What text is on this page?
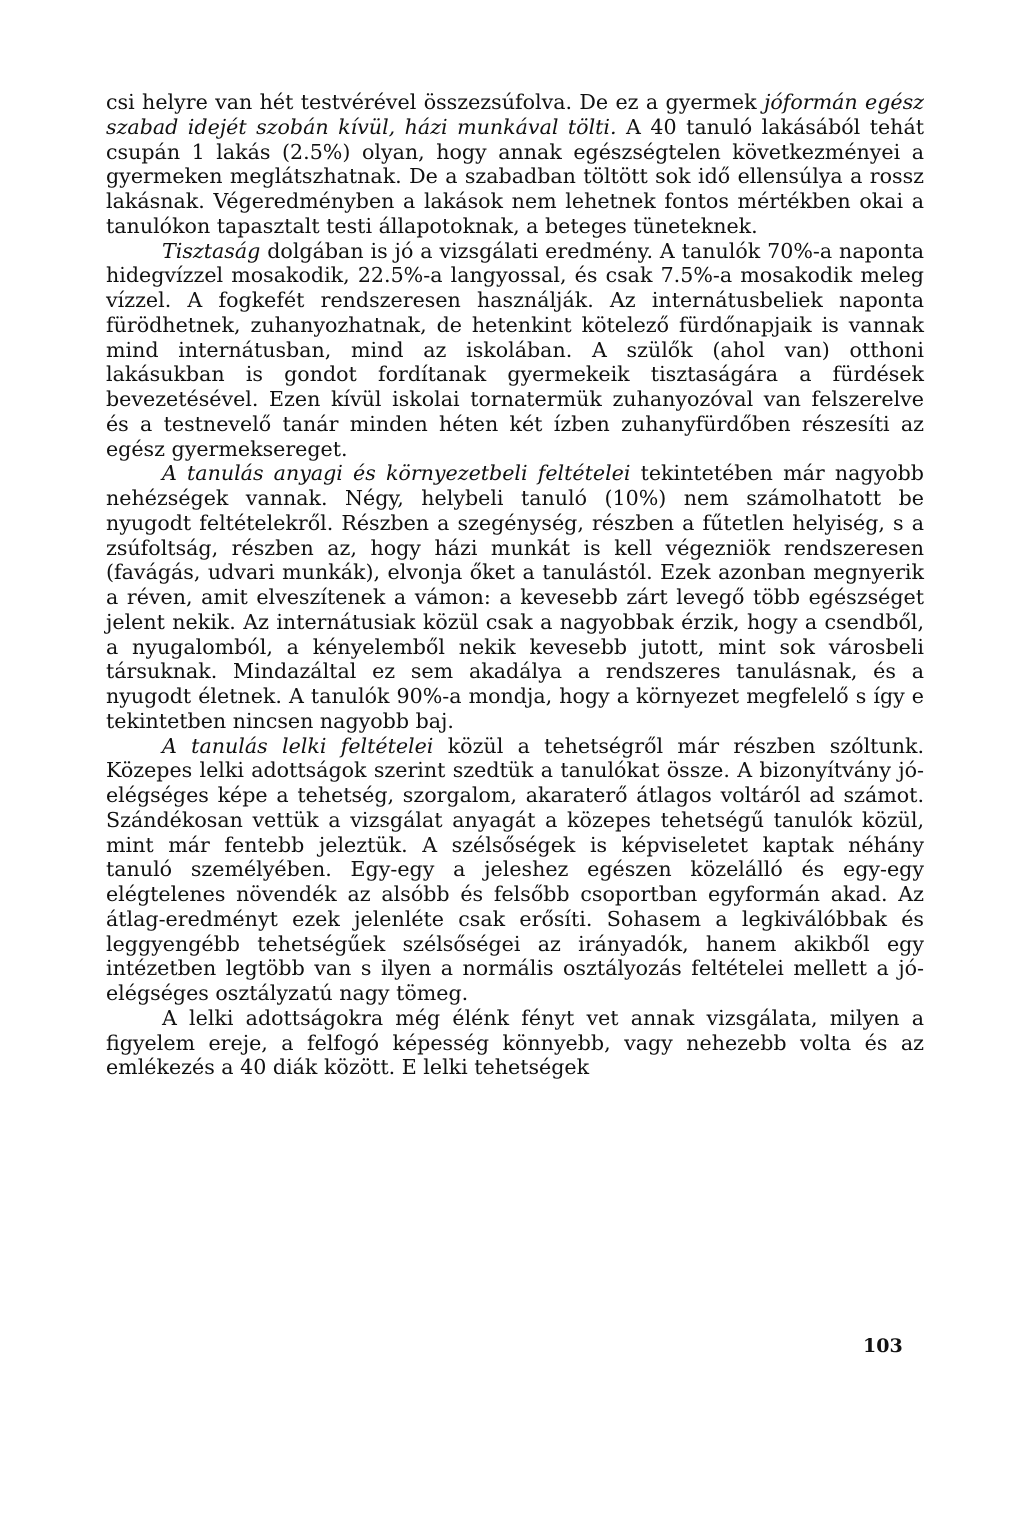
csi helyre van hét testvérével összezsúfolva. De ez a gyermek jóformán egész szabad idejét szobán kívül, házi munkával tölti. A 40 tanuló lakásából tehát csupán 1 lakás (2.5%) olyan, hogy annak egészségtelen következményei a gyermeken meglátszhatnak. De a szabadban töltött sok idő ellensúlya a rossz lakásnak. Végeredményben a lakások nem lehetnek fontos mértékben okai a tanulókon tapasztalt testi állapotoknak, a beteges tüneteknek.

Tisztaság dolgában is jó a vizsgálati eredmény. A tanulók 70%-a naponta hidegvízzel mosakodik, 22.5%-a langyossal, és csak 7.5%-a mosakodik meleg vízzel. A fogkefét rendszeresen használják. Az internátusbeliek naponta fürödhetnek, zuhanyozhatnak, de hetenkint kötelező fürdőnapjaik is vannak mind internátusban, mind az iskolában. A szülők (ahol van) otthoni lakásukban is gondot fordítanak gyermekeik tisztaságára a fürdések bevezetésével. Ezen kívül iskolai tornatermük zuhanyozóval van felszerelve és a testnevelő tanár minden héten két ízben zuhanyfürdőben részesíti az egész gyermeksereget.

A tanulás anyagi és környezetbeli feltételei tekintetében már nagyobb nehézségek vannak. Négy, helybeli tanuló (10%) nem számolhatott be nyugodt feltételekről. Részben a szegénység, részben a fűtetlen helyiség, s a zsúfoltság, részben az, hogy házi munkát is kell végezniök rendszeresen (favágás, udvari munkák), elvonja őket a tanulástól. Ezek azonban megnyerik a réven, amit elveszítenek a vámon: a kevesebb zárt levegő több egészséget jelent nekik. Az internátusiak közül csak a nagyobbak érzik, hogy a csendből, a nyugalomból, a kényelemből nekik kevesebb jutott, mint sok városbeli társuknak. Mindazáltal ez sem akadálya a rendszeres tanulásnak, és a nyugodt életnek. A tanulók 90%-a mondja, hogy a környezet megfelelő s így e tekintetben nincsen nagyobb baj.

A tanulás lelki feltételei közül a tehetségről már részben szóltunk. Közepes lelki adottságok szerint szedtük a tanulókat össze. A bizonyítvány jó-elégséges képe a tehetség, szorgalom, akaraterő átlagos voltáról ad számot. Szándékosan vettük a vizsgálat anyagát a közepes tehetségű tanulók közül, mint már fentebb jeleztük. A szélsőségek is képviseletet kaptak néhány tanuló személyében. Egy-egy a jeleshez egészen közelálló és egy-egy elégtelenes növendék az alsóbb és felsőbb csoportban egyformán akad. Az átlag-eredményt ezek jelenléte csak erősíti. Sohasem a legkiválóbbak és leggyengébb tehetségűek szélsőségei az irányadók, hanem akikből egy intézetben legtöbb van s ilyen a normális osztályozás feltételei mellett a jó-elégséges osztályzatú nagy tömeg.

A lelki adottságokra még élénk fényt vet annak vizsgálata, milyen a figyelem ereje, a felfogó képesség könnyebb, vagy nehezebb volta és az emlékezés a 40 diák között. E lelki tehetségek

103
